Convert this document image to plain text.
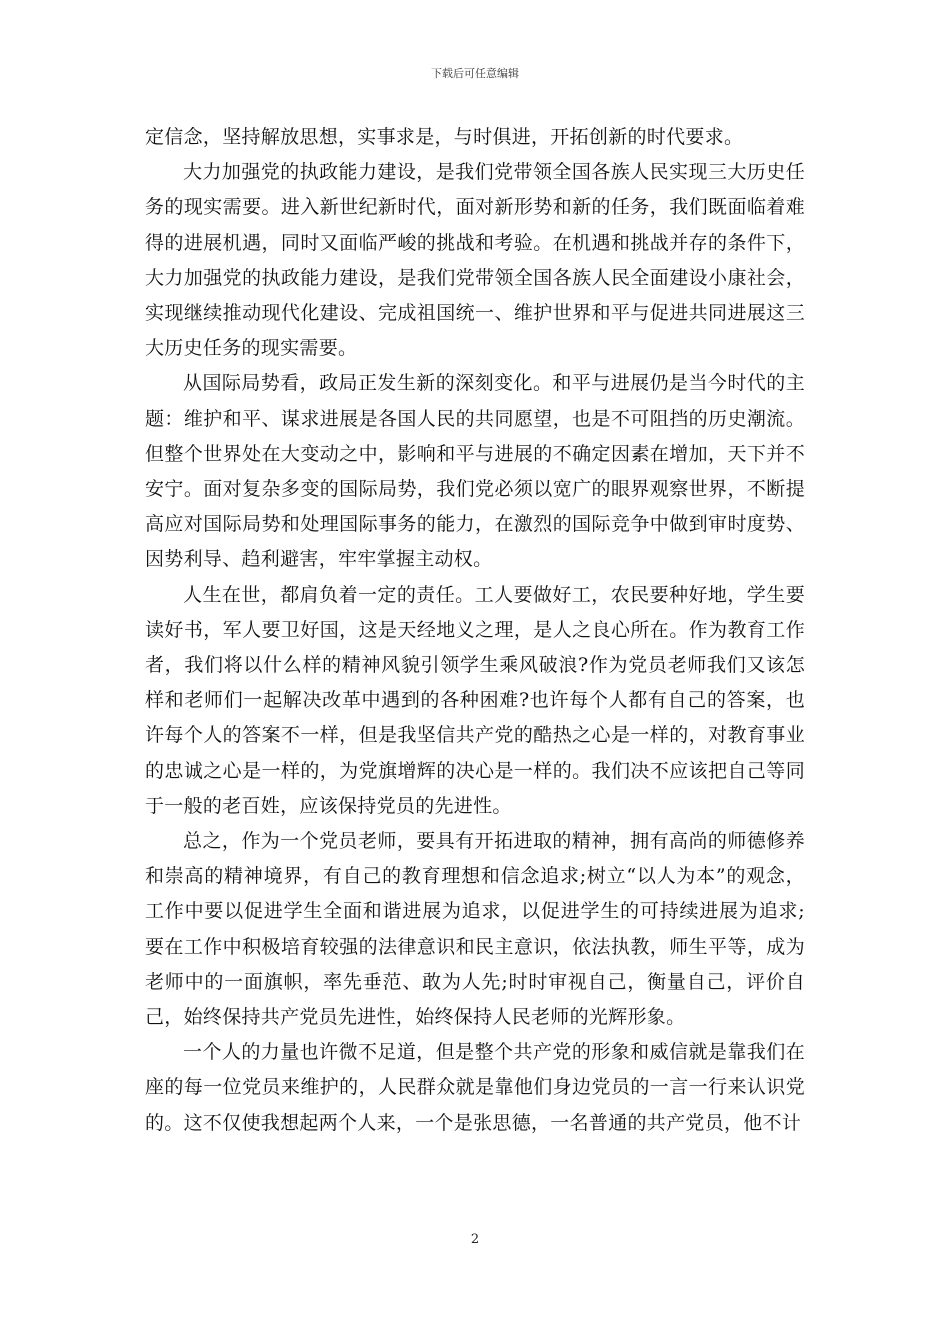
下载后可任意编辑

定信念，坚持解放思想，实事求是，与时俱进，开拓创新的时代要求。

大力加强党的执政能力建设，是我们党带领全国各族人民实现三大历史任务的现实需要。进入新世纪新时代，面对新形势和新的任务，我们既面临着难得的进展机遇，同时又面临严峻的挑战和考验。在机遇和挑战并存的条件下，大力加强党的执政能力建设，是我们党带领全国各族人民全面建设小康社会，实现继续推动现代化建设、完成祖国统一、维护世界和平与促进共同进展这三大历史任务的现实需要。

从国际局势看，政局正发生新的深刻变化。和平与进展仍是当今时代的主题：维护和平、谋求进展是各国人民的共同愿望，也是不可阻挡的历史潮流。但整个世界处在大变动之中，影响和平与进展的不确定因素在增加，天下并不安宁。面对复杂多变的国际局势，我们党必须以宽广的眼界观察世界，不断提高应对国际局势和处理国际事务的能力，在激烈的国际竞争中做到审时度势、因势利导、趋利避害，牢牢掌握主动权。

人生在世，都肩负着一定的责任。工人要做好工，农民要种好地，学生要读好书，军人要卫好国，这是天经地义之理，是人之良心所在。作为教育工作者，我们将以什么样的精神风貌引领学生乘风破浪?作为党员老师我们又该怎样和老师们一起解决改革中遇到的各种困难?也许每个人都有自己的答案，也许每个人的答案不一样，但是我坚信共产党的酷热之心是一样的，对教育事业的忠诚之心是一样的，为党旗增辉的决心是一样的。我们决不应该把自己等同于一般的老百姓，应该保持党员的先进性。

总之，作为一个党员老师，要具有开拓进取的精神，拥有高尚的师德修养和崇高的精神境界，有自己的教育理想和信念追求;树立“以人为本”的观念，工作中要以促进学生全面和谐进展为追求，以促进学生的可持续进展为追求;要在工作中积极培育较强的法律意识和民主意识，依法执教，师生平等，成为老师中的一面旗帜，率先垂范、敢为人先;时时审视自己，衡量自己，评价自己，始终保持共产党员先进性，始终保持人民老师的光辉形象。

一个人的力量也许微不足道，但是整个共产党的形象和威信就是靠我们在座的每一位党员来维护的，人民群众就是靠他们身边党员的一言一行来认识党的。这不仅使我想起两个人来，一个是张思德，一名普通的共产党员，他不计

2
